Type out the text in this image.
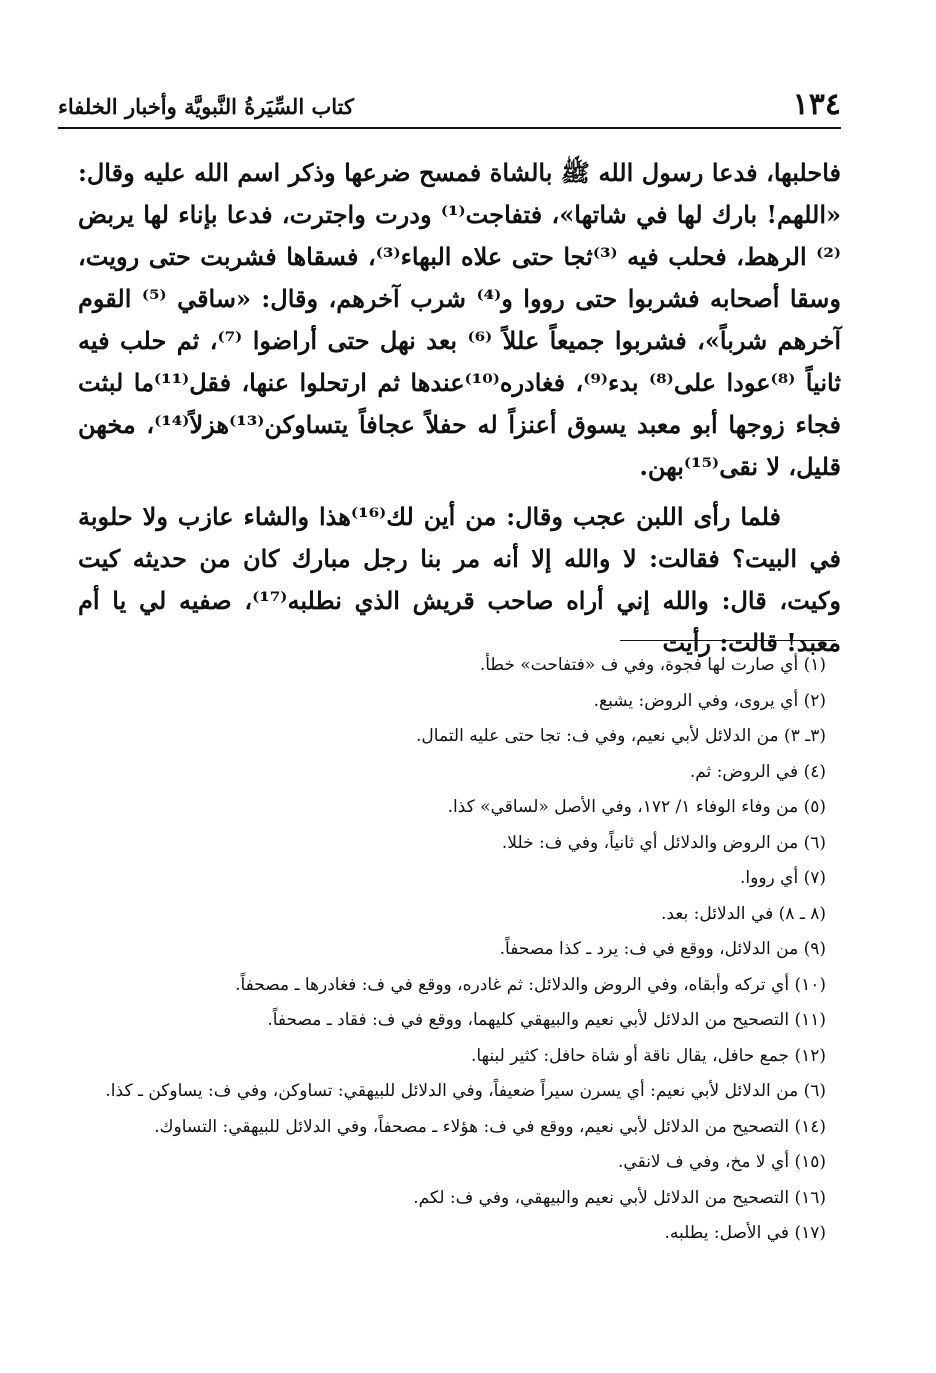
١٣٤
كتاب السِّيَرةُ النَّبويَّة وأخبار الخلفاء

فاحلبها، فدعا رسول الله ﷺ بالشاة فمسح ضرعها وذكر اسم الله عليه وقال: «اللهم! بارك لها في شاتها»، فتفاجت⁽¹⁾ ودرت واجترت، فدعا بإناء لها يربض ⁽²⁾ الرهط، فحلب فيه ⁽³⁾ثجا حتى علاه البهاء⁽³⁾، فسقاها فشربت حتى رويت، وسقا أصحابه فشربوا حتى رووا و⁽⁴⁾ شرب آخرهم، وقال: «ساقي ⁽⁵⁾ القوم آخرهم شرباً»، فشربوا جميعاً عللاً ⁽⁶⁾ بعد نهل حتى أراضوا ⁽⁷⁾، ثم حلب فيه ثانياً ⁽⁸⁾عودا على⁽⁸⁾ بدء⁽⁹⁾، فغادره⁽¹⁰⁾عندها ثم ارتحلوا عنها، فقل⁽¹¹⁾ما لبثت فجاء زوجها أبو معبد يسوق أعنزاً له حفلاً عجافاً يتساوكن⁽¹³⁾هزلاً⁽¹⁴⁾، مخهن قليل، لا نقى⁽¹⁵⁾بهن.

فلما رأى اللبن عجب وقال: من أين لك⁽¹⁶⁾هذا والشاء عازب ولا حلوبة في البيت؟ فقالت: لا والله إلا أنه مر بنا رجل مبارك كان من حديثه كيت وكيت، قال: والله إني أراه صاحب قريش الذي نطلبه⁽¹⁷⁾، صفيه لي يا أم معبد! قالت: رأيت

(١) أي صارت لها فجوة، وفي ف «فتفاحت» خطأ.

(٢) أي يروى، وفي الروض: يشبع.

(٣ـ ٣) من الدلائل لأبي نعيم، وفي ف: تجا حتى عليه التمال.

(٤) في الروض: ثم.

(٥) من وفاء الوفاء ١/ ١٧٢، وفي الأصل «لساقي» كذا.

(٦) من الروض والدلائل أي ثانياً، وفي ف: خللا.

(٧) أي رووا.

(٨ ـ ٨) في الدلائل: بعد.

(٩) من الدلائل، ووقع في ف: يرد ـ كذا مصحفاً.

(١٠) أي تركه وأبقاه، وفي الروض والدلائل: ثم غادره، ووقع في ف: فغادرها ـ مصحفاً.

(١١) التصحيح من الدلائل لأبي نعيم والبيهقي كليهما، ووقع في ف: فقاد ـ مصحفاً.

(١٢) جمع حافل، يقال ناقة أو شاة حافل: كثير لبنها.

(٦) من الدلائل لأبي نعيم: أي يسرن سيراً ضعيفاً، وفي الدلائل للبيهقي: تساوكن، وفي ف: يساوكن ـ كذا.

(١٤) التصحيح من الدلائل لأبي نعيم، ووقع في ف: هؤلاء ـ مصحفاً، وفي الدلائل للبيهقي: التساوك.

(١٥) أي لا مخ، وفي ف لانقي.

(١٦) التصحيح من الدلائل لأبي نعيم والبيهقي، وفي ف: لكم.

(١٧) في الأصل: يطلبه.
